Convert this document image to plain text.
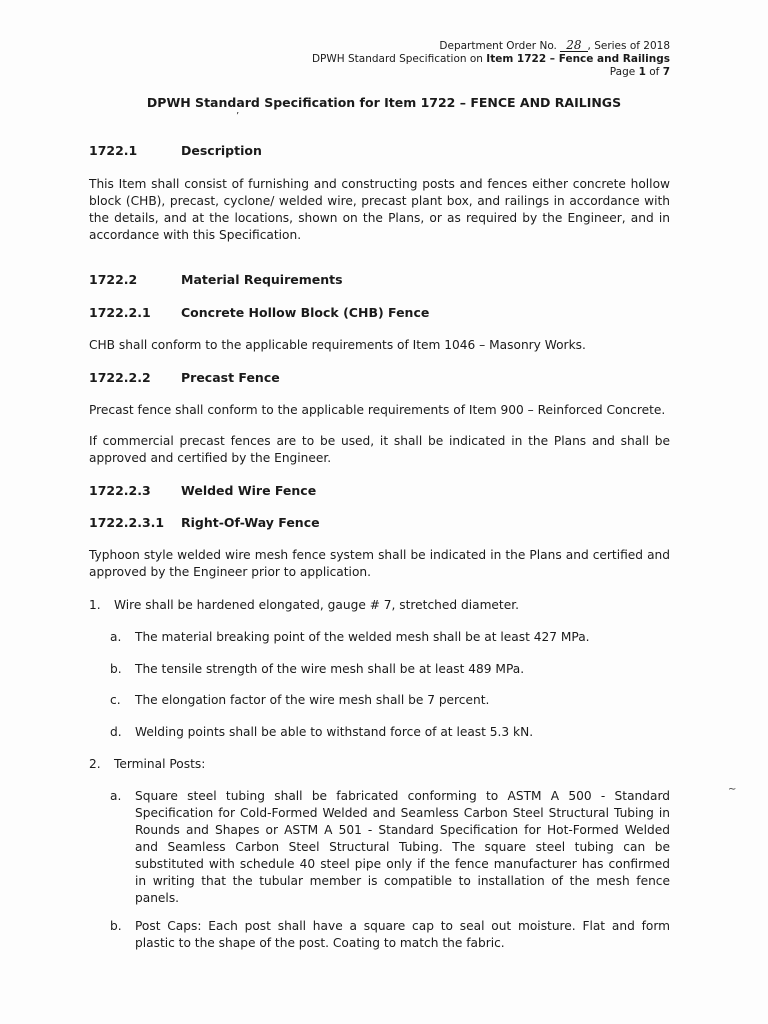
Department Order No. 28 , Series of 2018
DPWH Standard Specification on Item 1722 – Fence and Railings
Page 1 of 7
DPWH Standard Specification for Item 1722 – FENCE AND RAILINGS
’
1722.1	Description
This Item shall consist of furnishing and constructing posts and fences either concrete hollow block (CHB), precast, cyclone/ welded wire, precast plant box, and railings in accordance with the details, and at the locations, shown on the Plans, or as required by the Engineer, and in accordance with this Specification.
1722.2	Material Requirements
1722.2.1 Concrete Hollow Block (CHB) Fence
CHB shall conform to the applicable requirements of Item 1046 – Masonry Works.
1722.2.2 Precast Fence
Precast fence shall conform to the applicable requirements of Item 900 – Reinforced Concrete.
If commercial precast fences are to be used, it shall be indicated in the Plans and shall be approved and certified by the Engineer.
1722.2.3 Welded Wire Fence
1722.2.3.1 Right-Of-Way Fence
Typhoon style welded wire mesh fence system shall be indicated in the Plans and certified and approved by the Engineer prior to application.
1. Wire shall be hardened elongated, gauge # 7, stretched diameter.
a. The material breaking point of the welded mesh shall be at least 427 MPa.
b. The tensile strength of the wire mesh shall be at least 489 MPa.
c. The elongation factor of the wire mesh shall be 7 percent.
d. Welding points shall be able to withstand force of at least 5.3 kN.
2. Terminal Posts:
a. Square steel tubing shall be fabricated conforming to ASTM A 500 - Standard Specification for Cold-Formed Welded and Seamless Carbon Steel Structural Tubing in Rounds and Shapes or ASTM A 501 - Standard Specification for Hot-Formed Welded and Seamless Carbon Steel Structural Tubing. The square steel tubing can be substituted with schedule 40 steel pipe only if the fence manufacturer has confirmed in writing that the tubular member is compatible to installation of the mesh fence panels.
b. Post Caps: Each post shall have a square cap to seal out moisture. Flat and form plastic to the shape of the post. Coating to match the fabric.
∼
